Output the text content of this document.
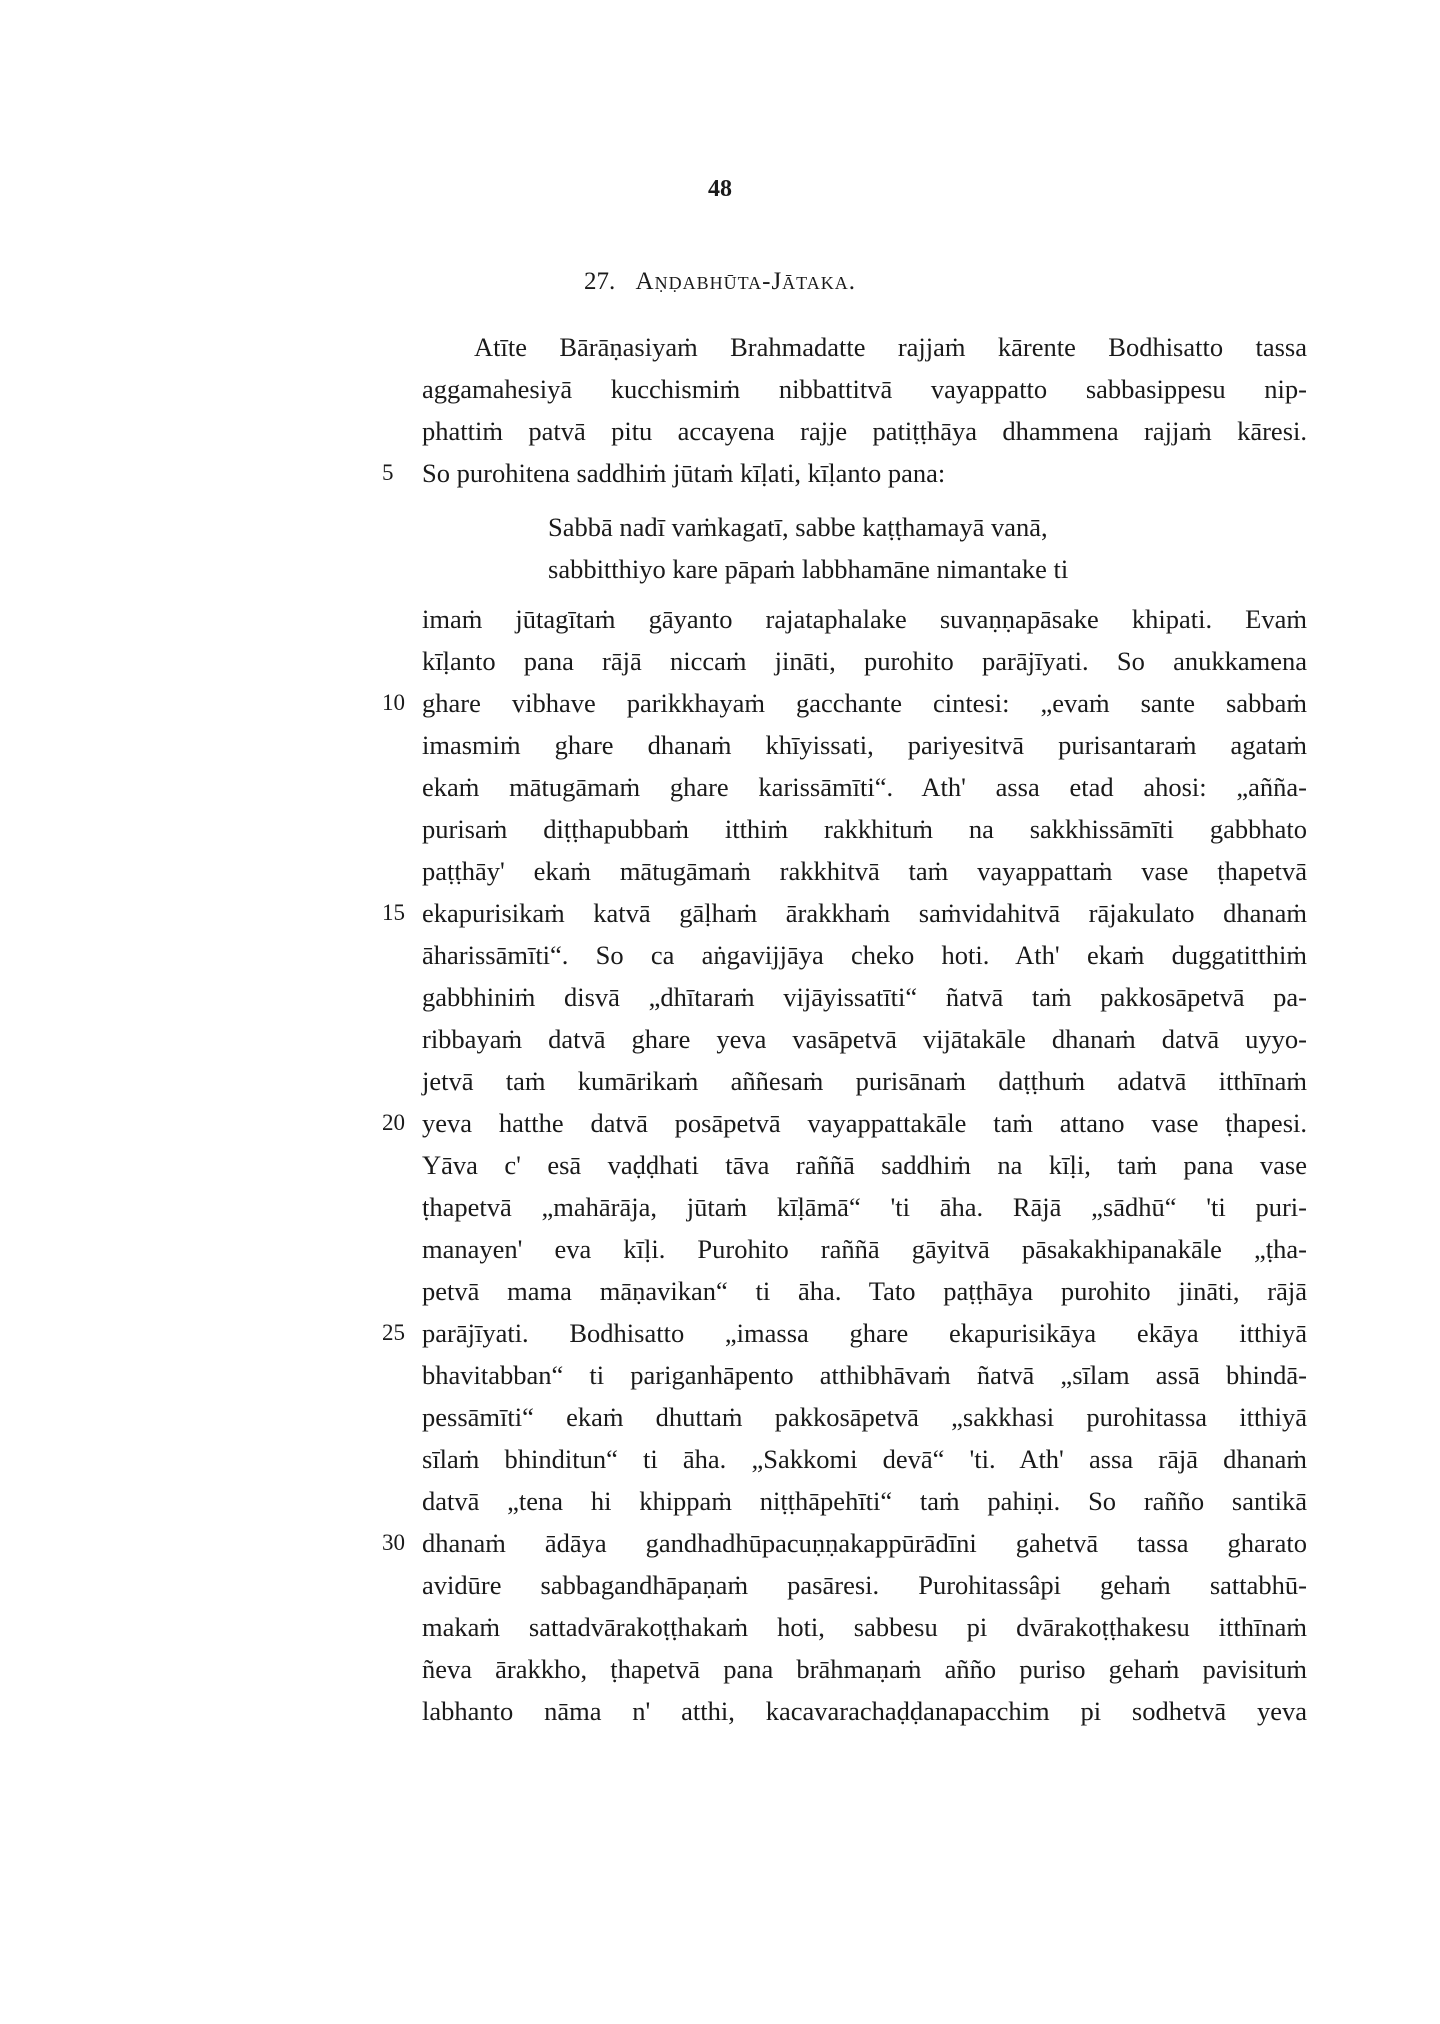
48
27. Aṇḍabhūta-Jātaka.
Atīte Bārāṇasiyaṁ Brahmadatte rajjaṁ kārente Bodhisatto tassa
aggamahesiyā kucchismiṁ nibbattitvā vayappatto sabbasippesu nip-
phattiṁ patvā pitu accayena rajje patiṭṭhāya dhammena rajjaṁ kāresi.
5	So purohitena saddhiṁ jūtaṁ kīḷati, kīḷanto pana:
Sabbā nadī vaṁkagatī, sabbe kaṭṭhamayā vanā,
sabbitthiyo kare pāpaṁ labbhamāne nimantake ti
imaṁ jūtagītaṁ gāyanto rajataphalake suvaṇṇapāsake khipati. Evaṁ
kīḷanto pana rājā niccaṁ jināti, purohito parājīyati. So anukkamena
10 ghare vibhave parikkhayaṁ gacchante cintesi: „evaṁ sante sabbaṁ
imasmiṁ ghare dhanaṁ khīyissati, pariyesitvā purisantaraṁ agataṁ
ekaṁ mātugāmaṁ ghare karissāmīti“. Ath' assa etad ahosi: „añña-
purisaṁ diṭṭhapubbaṁ itthiṁ rakkhituṁ na sakkhissāmīti gabbhato
paṭṭhāy' ekaṁ mātugāmaṁ rakkhitvā taṁ vayappattaṁ vase ṭhapetvā
15 ekapurisikaṁ katvā gāḷhaṁ ārakkhaṁ saṁvidahitvā rājakulato dhanaṁ
āharissāmīti“. So ca aṅgavijjāya cheko hoti. Ath' ekaṁ duggatitthiṁ
gabbhiniṁ disvā „dhītaraṁ vijāyissatīti“ ñatvā taṁ pakkosāpetvā pa-
ribbayaṁ datvā ghare yeva vasāpetvā vijātakāle dhanaṁ datvā uyyo-
jetvā taṁ kumārikaṁ aññesaṁ purisānaṁ daṭṭhuṁ adatvā itthīnaṁ
20 yeva hatthe datvā posāpetvā vayappattakāle taṁ attano vase ṭhapesi.
Yāva c' esā vaḍḍhati tāva raññā saddhiṁ na kīḷi, taṁ pana vase
ṭhapetvā „mahārāja, jūtaṁ kīḷāmā“ 'ti āha. Rājā „sādhū“ 'ti puri-
manayen' eva kīḷi. Purohito raññā gāyitvā pāsakakhipanakāle „ṭha-
petvā mama māṇavikan“ ti āha. Tato paṭṭhāya purohito jināti, rājā
25 parājīyati. Bodhisatto „imassa ghare ekapurisikāya ekāya itthiyā
bhavitabban“ ti pariganhāpento atthibhāvaṁ ñatvā „sīlam assā bhindā-
pessāmīti“ ekaṁ dhuttaṁ pakkosāpetvā „sakkhasi purohitassa itthiyā
sīlaṁ bhinditun“ ti āha. „Sakkomi devā“ 'ti. Ath' assa rājā dhanaṁ
datvā „tena hi khippaṁ niṭṭhāpehīti“ taṁ pahiṇi. So rañño santikā
30 dhanaṁ ādāya gandhadhūpacuṇṇakappūrādīni gahetvā tassa gharato
avidūre sabbagandhāpaṇaṁ pasāresi. Purohitassâpi gehaṁ sattabhū-
makaṁ sattadvārakoṭṭhakaṁ hoti, sabbesu pi dvārakoṭṭhakesu itthīnaṁ
ñeva ārakkho, ṭhapetvā pana brāhmaṇaṁ añño puriso gehaṁ pavisituṁ
labhanto nāma n' atthi, kacavarachaḍḍanapacchim pi sodhetvā yeva
